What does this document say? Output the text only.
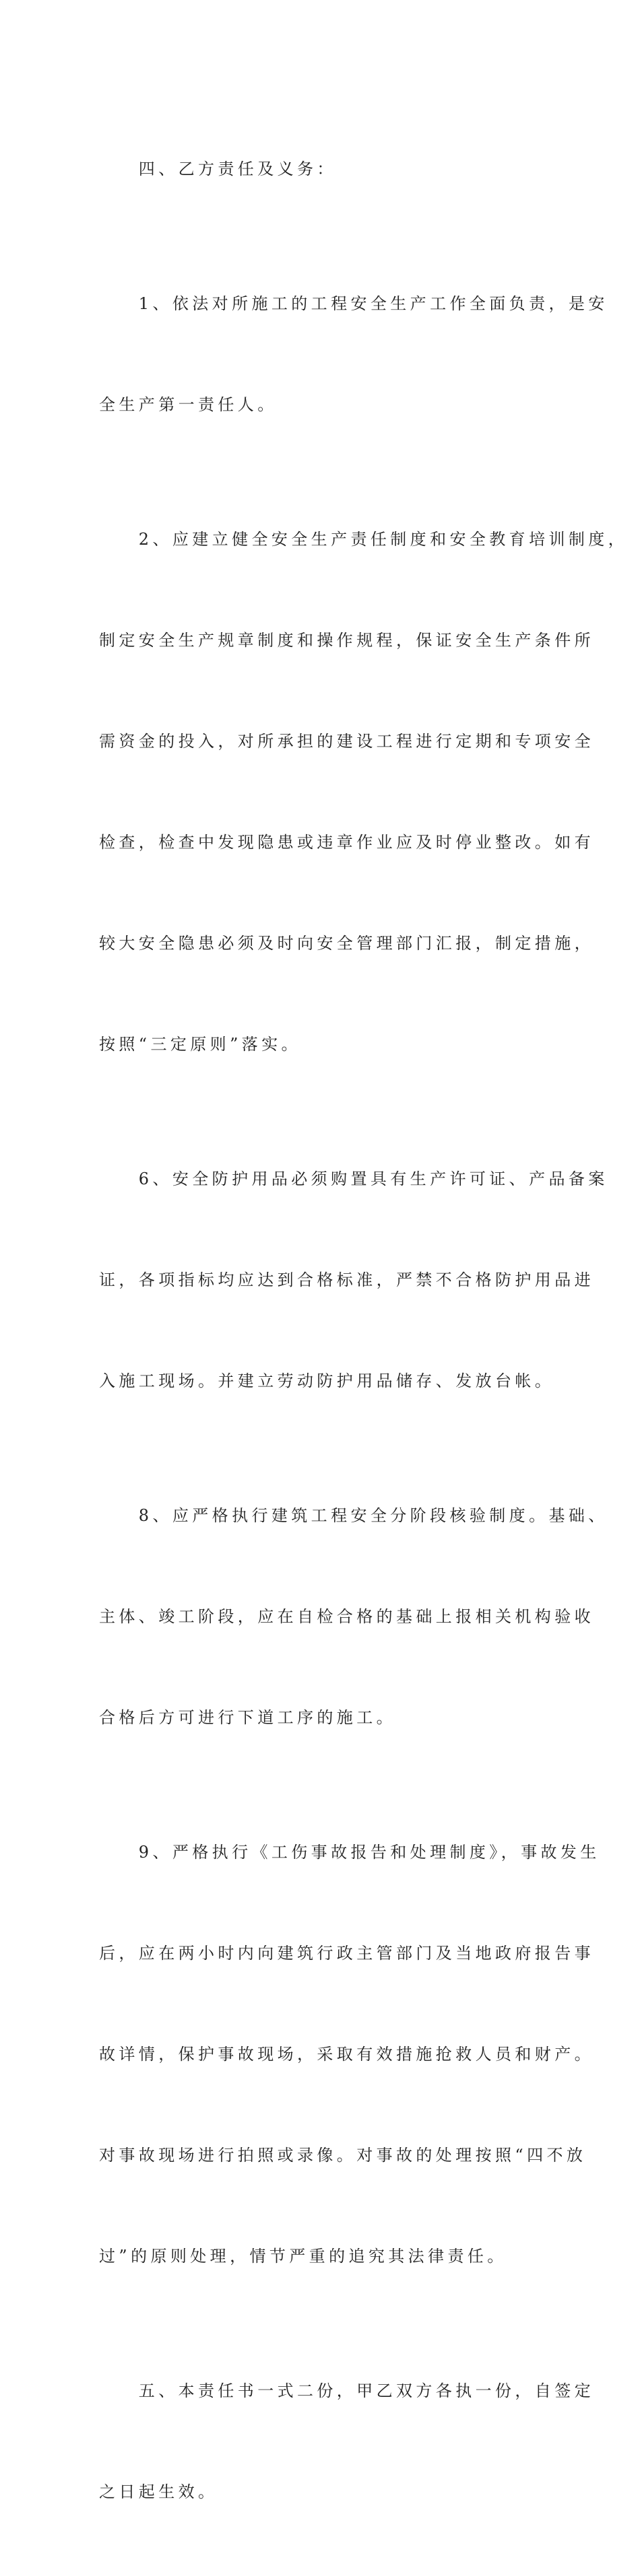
　　四、乙方责任及义务：

　　1、依法对所施工的工程安全生产工作全面负责，是安

全生产第一责任人。

　　2、应建立健全安全生产责任制度和安全教育培训制度，

制定安全生产规章制度和操作规程，保证安全生产条件所

需资金的投入，对所承担的建设工程进行定期和专项安全

检查，检查中发现隐患或违章作业应及时停业整改。如有

较大安全隐患必须及时向安全管理部门汇报，制定措施，

按照“三定原则”落实。

　　6、安全防护用品必须购置具有生产许可证、产品备案

证，各项指标均应达到合格标准，严禁不合格防护用品进

入施工现场。并建立劳动防护用品储存、发放台帐。

　　8、应严格执行建筑工程安全分阶段核验制度。基础、

主体、竣工阶段，应在自检合格的基础上报相关机构验收

合格后方可进行下道工序的施工。

　　9、严格执行《工伤事故报告和处理制度》，事故发生

后，应在两小时内向建筑行政主管部门及当地政府报告事

故详情，保护事故现场，采取有效措施抢救人员和财产。

对事故现场进行拍照或录像。对事故的处理按照“四不放

过”的原则处理，情节严重的追究其法律责任。

　　五、本责任书一式二份，甲乙双方各执一份，自签定

之日起生效。
